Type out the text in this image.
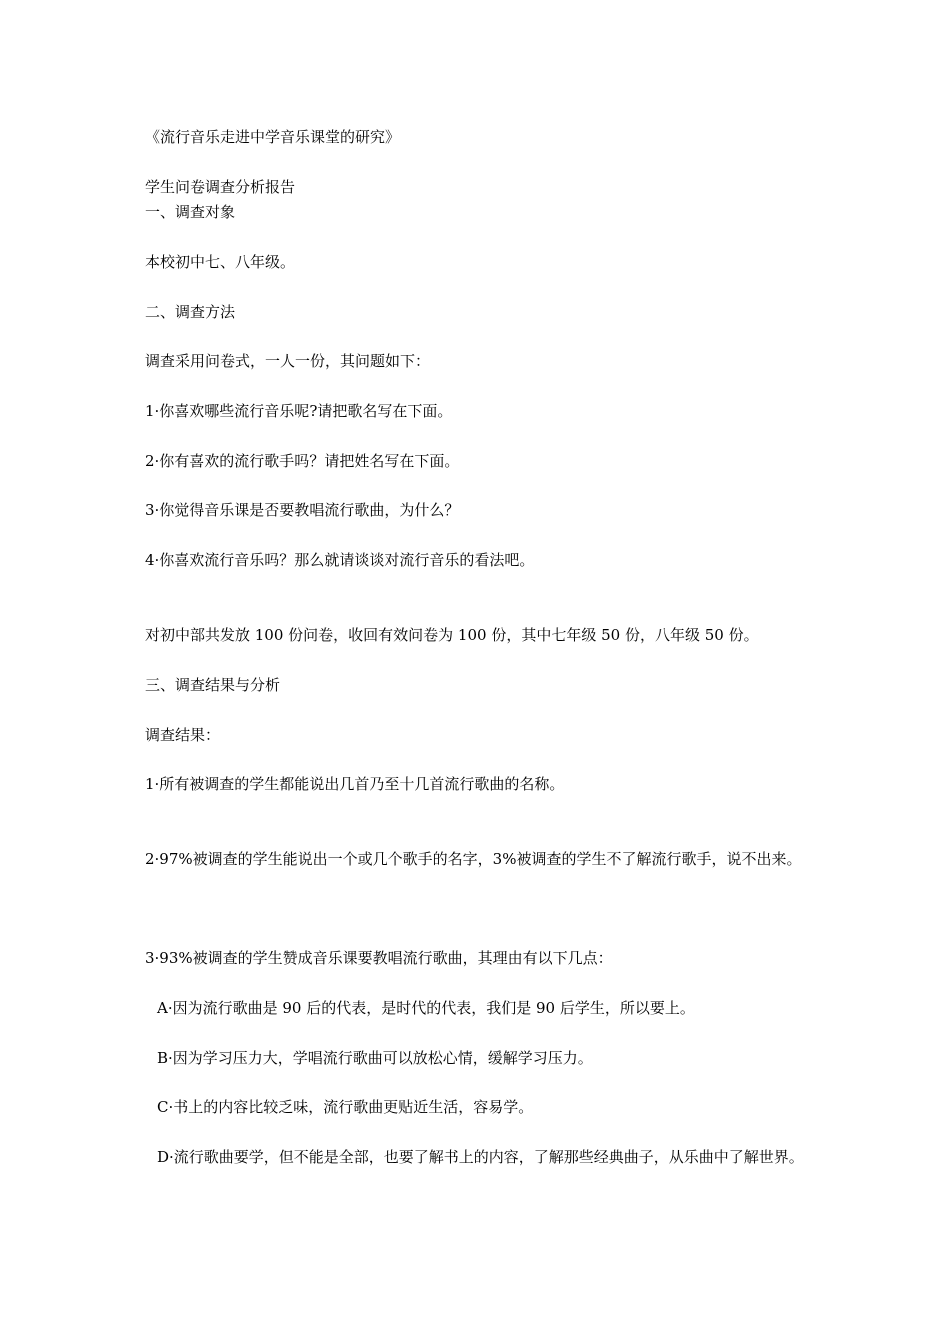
《流行音乐走进中学音乐课堂的研究》
学生问卷调查分析报告
一、调查对象
本校初中七、八年级。
二、调查方法
调查采用问卷式，一人一份，其问题如下：
1·你喜欢哪些流行音乐呢?请把歌名写在下面。
2·你有喜欢的流行歌手吗？请把姓名写在下面。
3·你觉得音乐课是否要教唱流行歌曲，为什么？
4·你喜欢流行音乐吗？那么就请谈谈对流行音乐的看法吧。
对初中部共发放 100 份问卷，收回有效问卷为 100 份，其中七年级 50 份，八年级 50 份。
三、调查结果与分析
调查结果：
1·所有被调查的学生都能说出几首乃至十几首流行歌曲的名称。
2·97%被调查的学生能说出一个或几个歌手的名字，3%被调查的学生不了解流行歌手，说不出来。
3·93%被调查的学生赞成音乐课要教唱流行歌曲，其理由有以下几点：
A·因为流行歌曲是 90 后的代表，是时代的代表，我们是 90 后学生，所以要上。
B·因为学习压力大，学唱流行歌曲可以放松心情，缓解学习压力。
C·书上的内容比较乏味，流行歌曲更贴近生活，容易学。
D·流行歌曲要学，但不能是全部，也要了解书上的内容，了解那些经典曲子，从乐曲中了解世界。
